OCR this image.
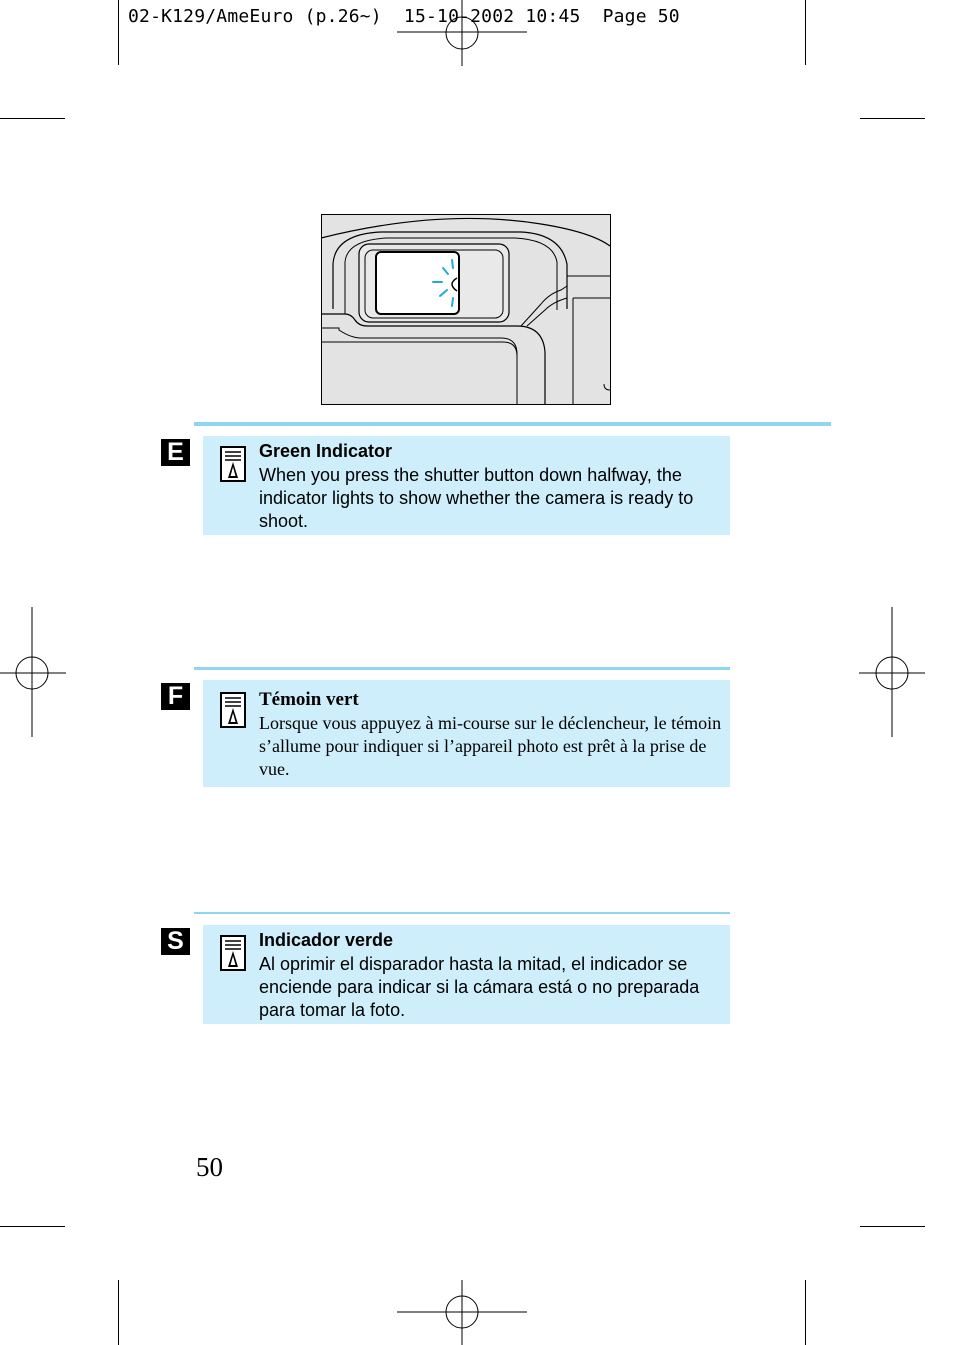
02-K129/AmeEuro (p.26~)  15-10-2002 10:45  Page 50
E	Green Indicator
When you press the shutter button down halfway, the indicator lights to show whether the camera is ready to shoot.
F	Témoin vert
Lorsque vous appuyez à mi-course sur le déclencheur, le témoin s’allume pour indiquer si l’appareil photo est prêt à la prise de vue.
S	Indicador verde
Al oprimir el disparador hasta la mitad, el indicador se enciende para indicar si la cámara está o no preparada para tomar la foto.
50
